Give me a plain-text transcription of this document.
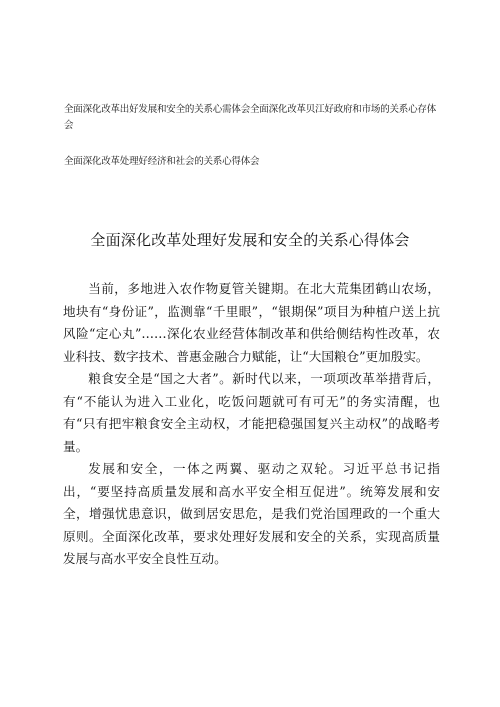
全面深化改革出好发展和安全的关系心需体会全面深化改革贝江好政府和市场的关系心存体会
全面深化改革处理好经济和社会的关系心得体会
全面深化改革处理好发展和安全的关系心得体会

当前，多地进入农作物夏管关键期。在北大荒集团鹤山农场，地块有“身份证”，监测靠“千里眼”，“银期保”项目为种植户送上抗风险“定心丸”……深化农业经营体制改革和供给侧结构性改革，农业科技、数字技术、普惠金融合力赋能，让“大国粮仓”更加殷实。

粮食安全是“国之大者”。新时代以来，一项项改革举措背后，有“不能认为进入工业化，吃饭问题就可有可无”的务实清醒，也有“只有把牢粮食安全主动权，才能把稳强国复兴主动权”的战略考量。

发展和安全，一体之两翼、驱动之双轮。习近平总书记指出，“要坚持高质量发展和高水平安全相互促进”。统筹发展和安全，增强忧患意识，做到居安思危，是我们党治国理政的一个重大原则。全面深化改革，要求处理好发展和安全的关系，实现高质量发展与高水平安全良性互动。
